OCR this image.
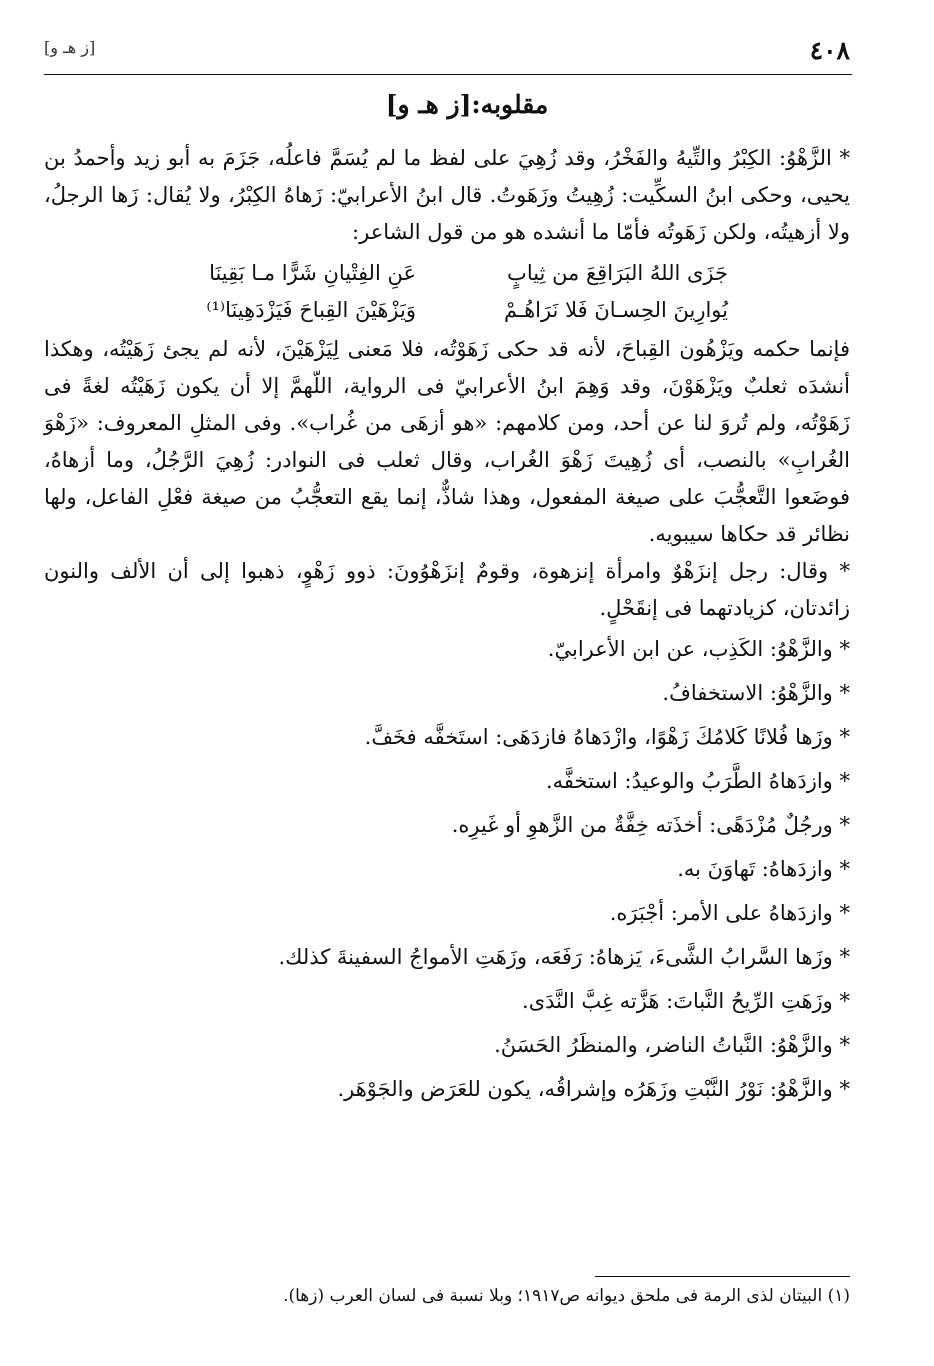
٤٠٨
[ز هـ و]
مقلوبه:[ز هـ و]

* الزَّهْوُ: الكِبْرُ والتِّيهُ والفَخْرُ، وقد زُهِيَ على لفظ ما لم يُسَمَّ فاعلُه، جَزَمَ به أبو زيد وأحمدُ بن يحيى، وحكى ابنُ السكِّيت: زُهِيتُ وزَهَوتُ. قال ابنُ الأعرابيّ: زَهاهُ الكِبْرُ، ولا يُقال: زَها الرجلُ، ولا أزهيتُه، ولكن زَهَوتُه فأمّا ما أنشده هو من قول الشاعر:

جَزَى اللهُ البَرَاقِعَ من ثِيابٍ
عَنِ الفِتْيانِ شَرًّا مـا بَقِينَا
يُوارِينَ الحِسـانَ فَلا نَرَاهُـمْ
وَيَزْهَيْنَ القِباحَ فَيَزْدَهِينَا⁽¹⁾

فإنما حكمه ويَزْهُون القِباحَ، لأنه قد حكى زَهَوْتُه، فلا مَعنى لِيَزْهَيْنَ، لأنه لم يجئ زَهَيْتُه، وهكذا أنشدَه ثعلبٌ ويَزْهَوْنَ، وقد وَهِمَ ابنُ الأعرابيّ فى الرواية، اللّهمَّ إلا أن يكون زَهَيْتُه لغةً فى زَهَوْتُه، ولم تُروَ لنا عن أحد، ومن كلامهم: «هو أزهَى من غُراب». وفى المثلِ المعروف: «زَهْوَ الغُرابِ» بالنصب، أى زُهِيتَ زَهْوَ الغُراب، وقال ثعلب فى النوادر: زُهِيَ الرَّجُلُ، وما أزهاهُ، فوضَعوا التَّعجُّبَ على صيغة المفعول، وهذا شاذٌّ، إنما يقع التعجُّبُ من صيغة فعْلِ الفاعل، ولها نظائر قد حكاها سيبويه.

* وقال: رجل إنزَهْوٌ وامرأة إنزهوة، وقومٌ إنزَهْوُونَ: ذوو زَهْوٍ، ذهبوا إلى أن الألف والنون زائدتان، كزيادتهما فى إنقَحْلٍ.

* والزَّهْوُ: الكَذِب، عن ابن الأعرابيّ.

* والزَّهْوُ: الاستخفافُ.

* وزَها فُلانًا كَلامُكَ زَهْوًا، وازْدَهاهُ فازدَهَى: استَخفَّه فخَفَّ.

* وازدَهاهُ الطَّرَبُ والوعيدُ: استخفَّه.

* ورجُلٌ مُزْدَهًى: أخذَته خِفَّةٌ من الزَّهوِ أو غَيرِه.

* وازدَهاهُ: تَهاوَنَ به.

* وازدَهاهُ على الأمر: أجْبَرَه.

* وزَها السَّرابُ الشَّىءَ، يَزهاهُ: رَفَعَه، وزَهَتِ الأمواجُ السفينةَ كذلك.

* وزَهَتِ الرِّيحُ النَّباتَ: هَزَّته غِبَّ النَّدَى.

* والزَّهْوُ: النَّباتُ الناضر، والمنظَرُ الحَسَنُ.

* والزَّهْوُ: نَوْرُ النَّبْتِ وزَهَرُه وإشراقُه، يكون للعَرَض والجَوْهَر.

(١) البيتان لذى الرمة فى ملحق ديوانه ص١٩١٧؛ وبلا نسبة فى لسان العرب (زها).
